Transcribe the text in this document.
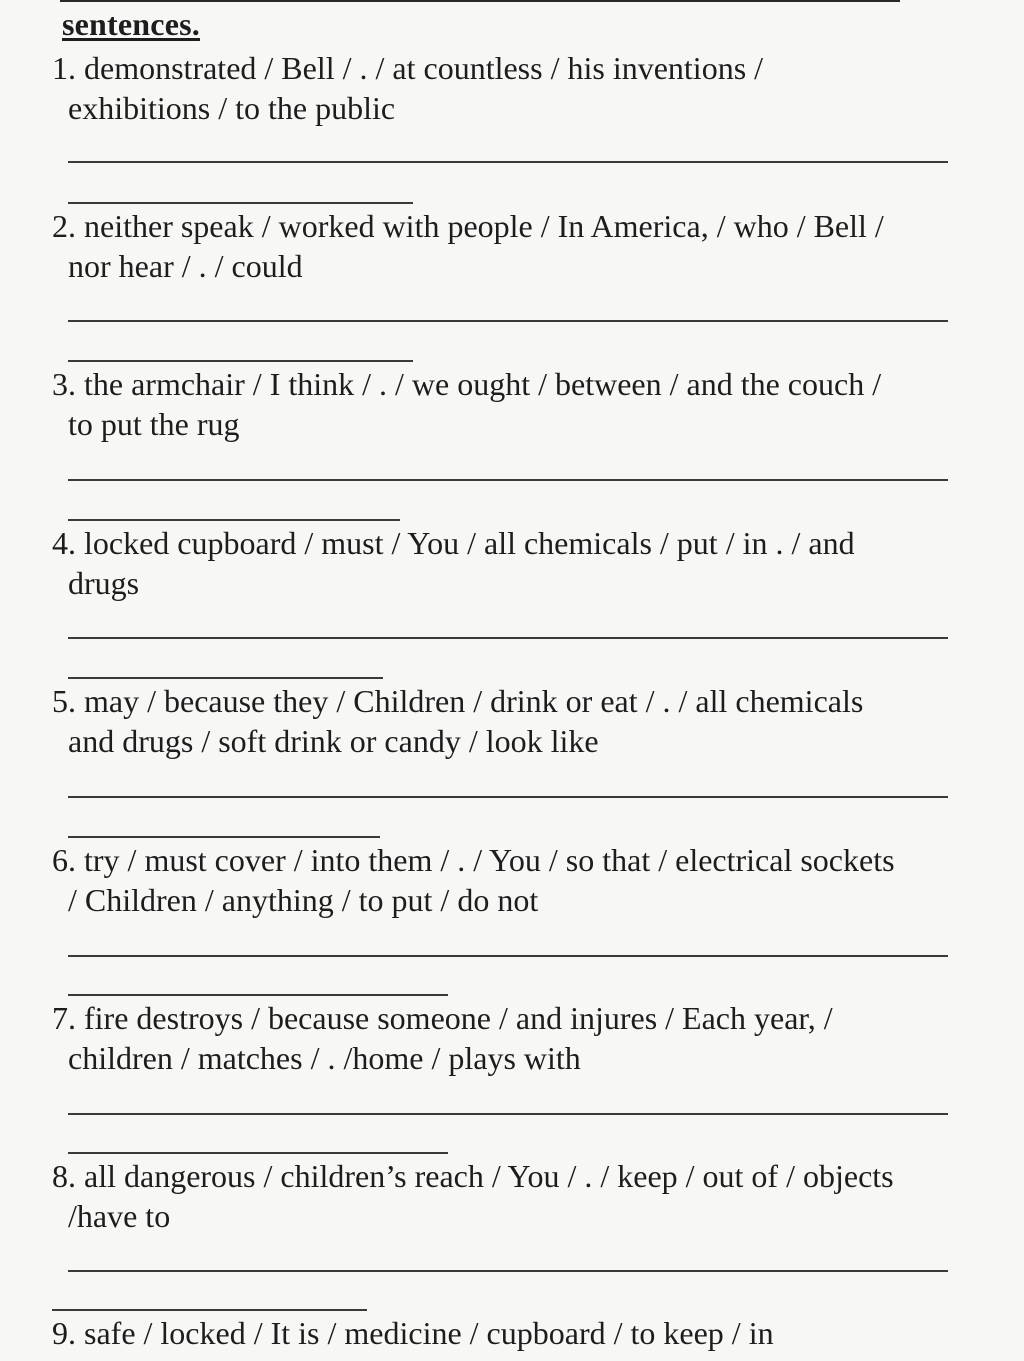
sentences.
1. demonstrated / Bell / . / at countless / his inventions /
exhibitions / to the public
2. neither speak / worked with people / In America, / who / Bell /
nor hear / . / could
3. the armchair / I think / . / we ought / between / and the couch /
to put the rug
4. locked cupboard / must / You / all chemicals / put / in . / and
drugs
5. may / because they / Children / drink or eat / . / all chemicals
and drugs / soft drink or candy / look like
6. try / must cover / into them / . / You / so that / electrical sockets
/ Children / anything / to put / do not
7. fire destroys / because someone / and injures / Each year, /
children / matches / . /home / plays with
8. all dangerous / children’s reach / You / . / keep / out of / objects
/have to
9. safe / locked / It is / medicine / cupboard / to keep / in
